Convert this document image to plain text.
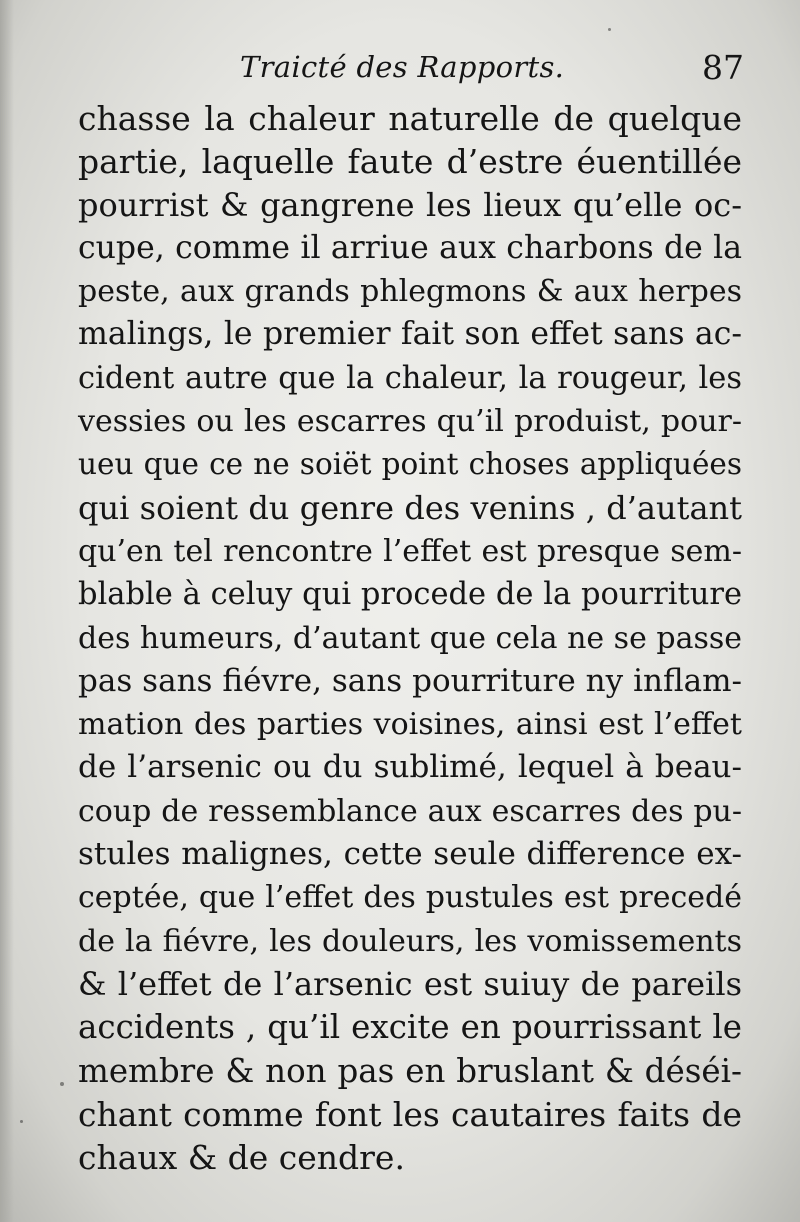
Traicté des Rapports.	87
chasse la chaleur naturelle de quelque
partie, laquelle faute d’estre éuentillée
pourrist & gangrene les lieux qu’elle oc-
cupe, comme il arriue aux charbons de la
peste, aux grands phlegmons & aux herpes
malings, le premier fait son effet sans ac-
cident autre que la chaleur, la rougeur, les
vessies ou les escarres qu’il produist, pour-
ueu que ce ne soiët point choses appliquées
qui soient du genre des venins , d’autant
qu’en tel rencontre l’effet est presque sem-
blable à celuy qui procede de la pourriture
des humeurs, d’autant que cela ne se passe
pas sans fiévre, sans pourriture ny inflam-
mation des parties voisines, ainsi est l’effet
de l’arsenic ou du sublimé, lequel à beau-
coup de ressemblance aux escarres des pu-
stules malignes, cette seule difference ex-
ceptée, que l’effet des pustules est precedé
de la fiévre, les douleurs, les vomissements
& l’effet de l’arsenic est suiuy de pareils
accidents , qu’il excite en pourrissant le
membre & non pas en bruslant & déséi-
chant comme font les cautaires faits de
chaux & de cendre.
